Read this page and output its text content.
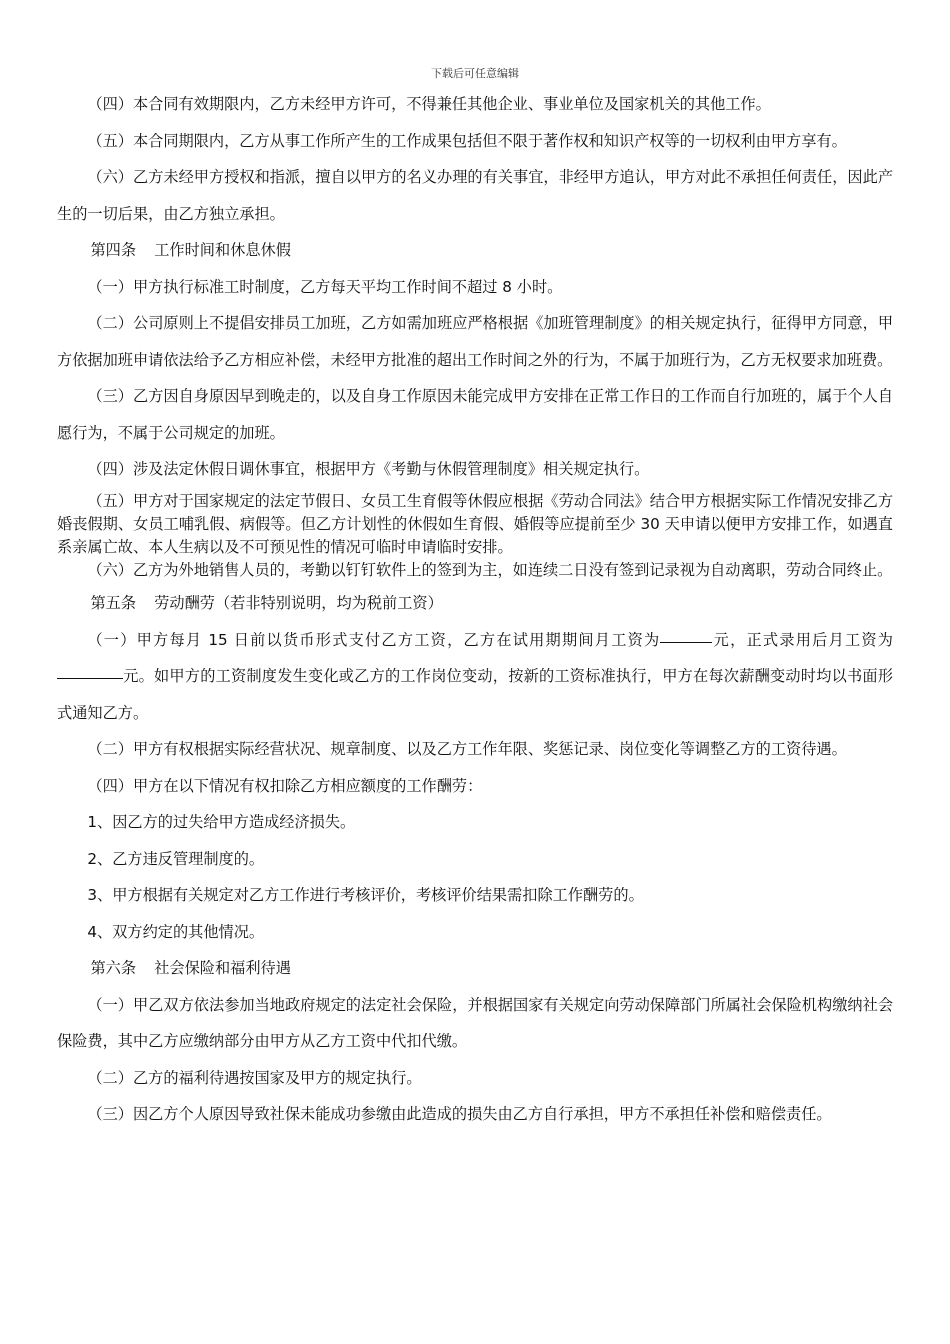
下载后可任意编辑

（四）本合同有效期限内，乙方未经甲方许可，不得兼任其他企业、事业单位及国家机关的其他工作。

（五）本合同期限内，乙方从事工作所产生的工作成果包括但不限于著作权和知识产权等的一切权利由甲方享有。

（六）乙方未经甲方授权和指派，擅自以甲方的名义办理的有关事宜，非经甲方追认，甲方对此不承担任何责任，因此产生的一切后果，由乙方独立承担。

第四条 工作时间和休息休假

（一）甲方执行标准工时制度，乙方每天平均工作时间不超过 8 小时。

（二）公司原则上不提倡安排员工加班，乙方如需加班应严格根据《加班管理制度》的相关规定执行，征得甲方同意，甲方依据加班申请依法给予乙方相应补偿，未经甲方批准的超出工作时间之外的行为，不属于加班行为，乙方无权要求加班费。

（三）乙方因自身原因早到晚走的，以及自身工作原因未能完成甲方安排在正常工作日的工作而自行加班的，属于个人自愿行为，不属于公司规定的加班。

（四）涉及法定休假日调休事宜，根据甲方《考勤与休假管理制度》相关规定执行。

（五）甲方对于国家规定的法定节假日、女员工生育假等休假应根据《劳动合同法》结合甲方根据实际工作情况安排乙方婚丧假期、女员工哺乳假、病假等。但乙方计划性的休假如生育假、婚假等应提前至少 30 天申请以便甲方安排工作，如遇直系亲属亡故、本人生病以及不可预见性的情况可临时申请临时安排。

（六）乙方为外地销售人员的，考勤以钉钉软件上的签到为主，如连续二日没有签到记录视为自动离职，劳动合同终止。

第五条 劳动酬劳（若非特别说明，均为税前工资）

（一）甲方每月 15 日前以货币形式支付乙方工资，乙方在试用期期间月工资为	元，正式录用后月工资为元。如甲方的工资制度发生变化或乙方的工作岗位变动，按新的工资标准执行，甲方在每次薪酬变动时均以书面形式通知乙方。

（二）甲方有权根据实际经营状况、规章制度、以及乙方工作年限、奖惩记录、岗位变化等调整乙方的工资待遇。

（四）甲方在以下情况有权扣除乙方相应额度的工作酬劳：

1、因乙方的过失给甲方造成经济损失。

2、乙方违反管理制度的。

3、甲方根据有关规定对乙方工作进行考核评价，考核评价结果需扣除工作酬劳的。

4、双方约定的其他情况。

第六条 社会保险和福利待遇

（一）甲乙双方依法参加当地政府规定的法定社会保险，并根据国家有关规定向劳动保障部门所属社会保险机构缴纳社会保险费，其中乙方应缴纳部分由甲方从乙方工资中代扣代缴。

（二）乙方的福利待遇按国家及甲方的规定执行。

（三）因乙方个人原因导致社保未能成功参缴由此造成的损失由乙方自行承担，甲方不承担任补偿和赔偿责任。
